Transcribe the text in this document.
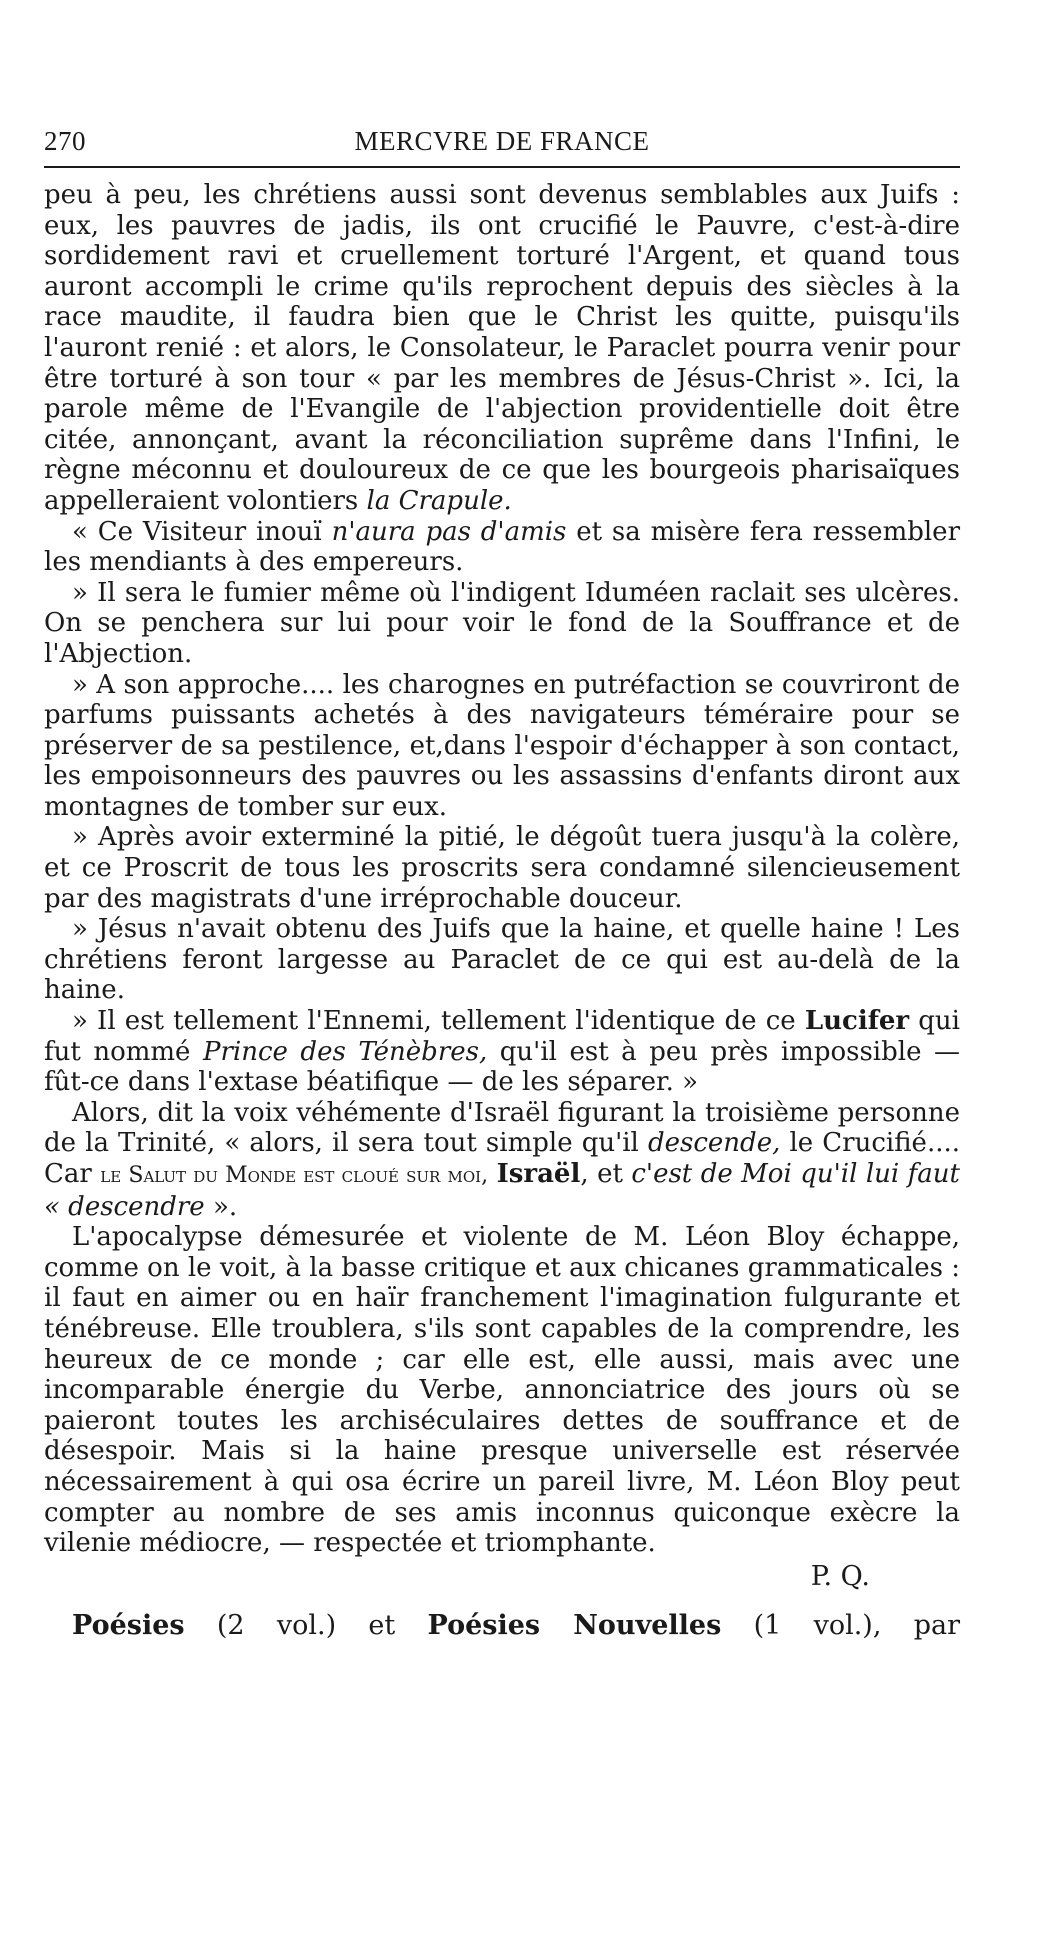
270	MERCVRE DE FRANCE

peu à peu, les chrétiens aussi sont devenus semblables aux Juifs : eux, les pauvres de jadis, ils ont crucifié le Pauvre, c'est-à-dire sordidement ravi et cruellement torturé l'Argent, et quand tous auront accompli le crime qu'ils reprochent depuis des siècles à la race maudite, il faudra bien que le Christ les quitte, puisqu'ils l'auront renié : et alors, le Consolateur, le Paraclet pourra venir pour être torturé à son tour « par les membres de Jésus-Christ ». Ici, la parole même de l'Evangile de l'abjection providentielle doit être citée, annonçant, avant la réconciliation suprême dans l'Infini, le règne méconnu et douloureux de ce que les bourgeois pharisaïques appelleraient volontiers la Crapule.

« Ce Visiteur inouï n'aura pas d'amis et sa misère fera ressembler les mendiants à des empereurs.

» Il sera le fumier même où l'indigent Iduméen raclait ses ulcères. On se penchera sur lui pour voir le fond de la Souffrance et de l'Abjection.

» A son approche.... les charognes en putréfaction se couvriront de parfums puissants achetés à des navigateurs téméraire pour se préserver de sa pestilence, et,dans l'espoir d'échapper à son contact, les empoisonneurs des pauvres ou les assassins d'enfants diront aux montagnes de tomber sur eux.

» Après avoir exterminé la pitié, le dégoût tuera jusqu'à la colère, et ce Proscrit de tous les proscrits sera condamné silencieusement par des magistrats d'une irréprochable douceur.

» Jésus n'avait obtenu des Juifs que la haine, et quelle haine ! Les chrétiens feront largesse au Paraclet de ce qui est au-delà de la haine.

» Il est tellement l'Ennemi, tellement l'identique de ce Lucifer qui fut nommé Prince des Ténèbres, qu'il est à peu près impossible — fût-ce dans l'extase béatifique — de les séparer. »

Alors, dit la voix véhémente d'Israël figurant la troisième personne de la Trinité, « alors, il sera tout simple qu'il descende, le Crucifié.... Car le Salut du Monde est cloué sur moi, Israël, et c'est de Moi qu'il lui faut « descendre ».

L'apocalypse démesurée et violente de M. Léon Bloy échappe, comme on le voit, à la basse critique et aux chicanes grammaticales : il faut en aimer ou en haïr franchement l'imagination fulgurante et ténébreuse. Elle troublera, s'ils sont capables de la comprendre, les heureux de ce monde ; car elle est, elle aussi, mais avec une incomparable énergie du Verbe, annonciatrice des jours où se paieront toutes les archiséculaires dettes de souffrance et de désespoir. Mais si la haine presque universelle est réservée nécessairement à qui osa écrire un pareil livre, M. Léon Bloy peut compter au nombre de ses amis inconnus quiconque exècre la vilenie médiocre, — respectée et triomphante.

P. Q.
Poésies (2 vol.) et Poésies Nouvelles (1 vol.), par
